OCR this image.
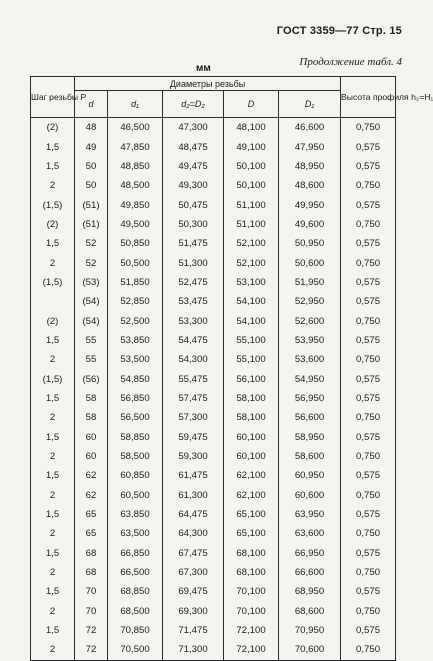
ГОСТ 3359—77 Стр. 15
Продолжение табл. 4
мм
Шаг резьбы P	Диаметры резьбы					Высота профиля h₂=H₁
	d	d₁	d₂=D₂	D	D₁	
(2)	48	46,500	47,300	48,100	46,600	0,750
1,5	49	47,850	48,475	49,100	47,950	0,575
1,5	50	48,850	49,475	50,100	48,950	0,575
2	50	48,500	49,300	50,100	48,600	0,750
(1,5)	(51)	49,850	50,475	51,100	49,950	0,575
(2)	(51)	49,500	50,300	51,100	49,600	0,750
1,5	52	50,850	51,475	52,100	50,950	0,575
2	52	50,500	51,300	52,100	50,600	0,750
(1,5)	(53)	51,850	52,475	53,100	51,950	0,575
	(54)	52,850	53,475	54,100	52,950	0,575
(2)	(54)	52,500	53,300	54,100	52,600	0,750
1,5	55	53,850	54,475	55,100	53,950	0,575
2	55	53,500	54,300	55,100	53,600	0,750
(1,5)	(56)	54,850	55,475	56,100	54,950	0,575
1,5	58	56,850	57,475	58,100	56,950	0,575
2	58	56,500	57,300	58,100	56,600	0,750
1,5	60	58,850	59,475	60,100	58,950	0,575
2	60	58,500	59,300	60,100	58,600	0,750
1,5	62	60,850	61,475	62,100	60,950	0,575
2	62	60,500	61,300	62,100	60,600	0,750
1,5	65	63,850	64,475	65,100	63,950	0,575
2	65	63,500	64,300	65,100	63,600	0,750
1,5	68	66,850	67,475	68,100	66,950	0,575
2	68	66,500	67,300	68,100	66,600	0,750
1,5	70	68,850	69,475	70,100	68,950	0,575
2	70	68,500	69,300	70,100	68,600	0,750
1,5	72	70,850	71,475	72,100	70,950	0,575
2	72	70,500	71,300	72,100	70,600	0,750
